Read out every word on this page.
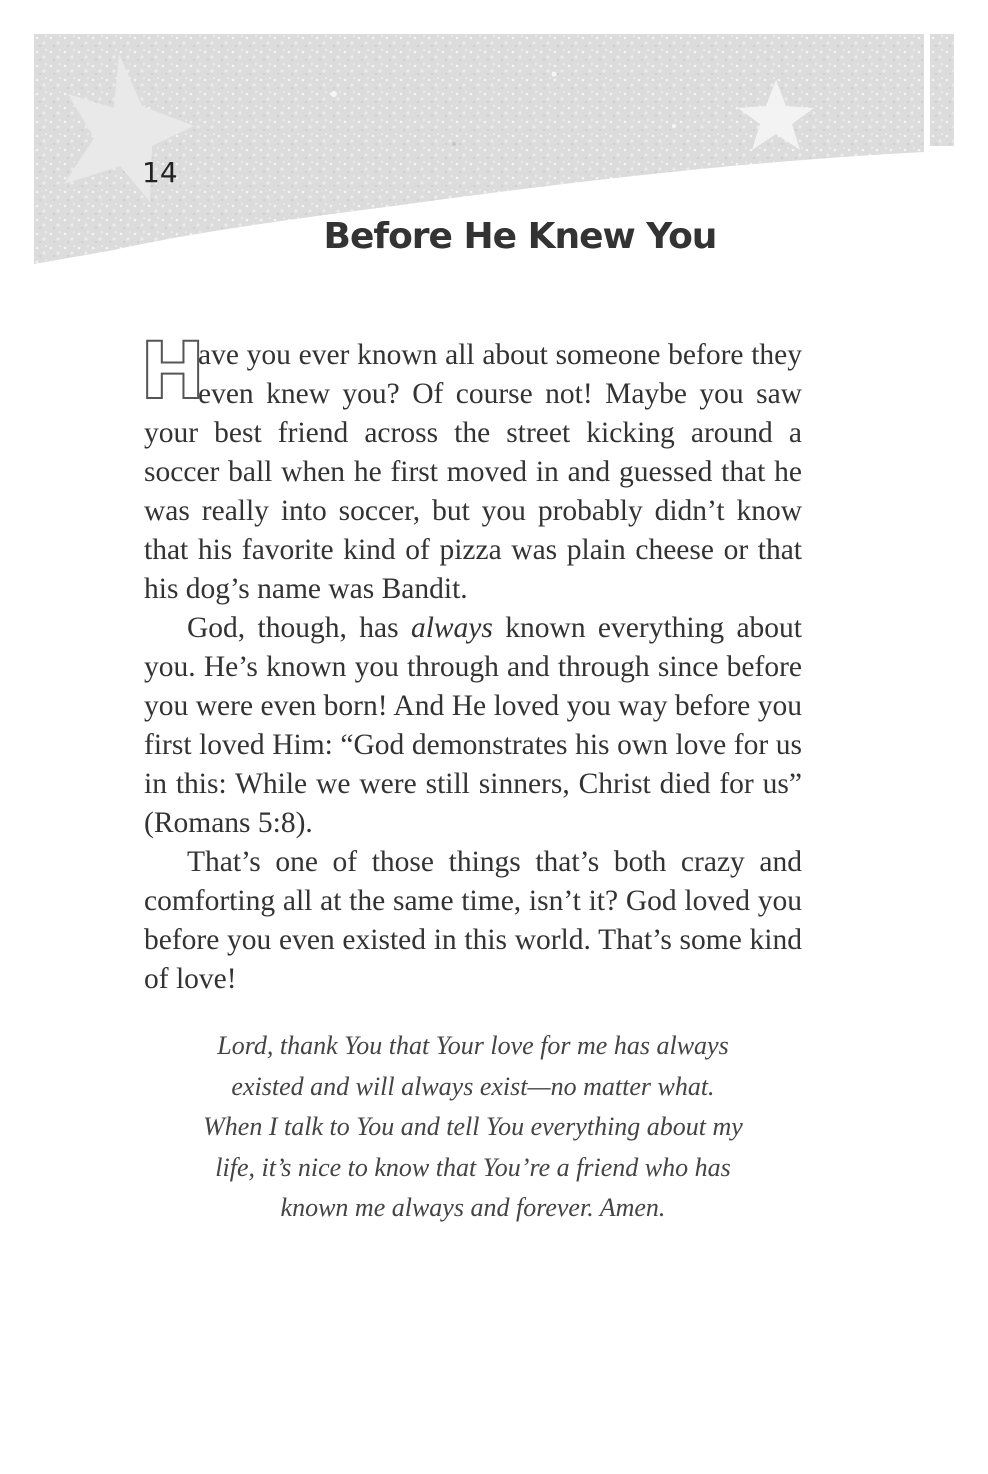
14
Before He Knew You

H
ave you ever known all about someone before they even knew you? Of course not! Maybe you saw your best friend across the street kicking around a soccer ball when he first moved in and guessed that he was really into soccer, but you probably didn’t know that his favorite kind of pizza was plain cheese or that his dog’s name was Bandit.

God, though, has always known everything about you. He’s known you through and through since before you were even born! And He loved you way before you first loved Him: “God demonstrates his own love for us in this: While we were still sinners, Christ died for us” (Romans 5:8).

That’s one of those things that’s both crazy and comforting all at the same time, isn’t it? God loved you before you even existed in this world. That’s some kind of love!

Lord, thank You that Your love for me has always
existed and will always exist—no matter what.
When I talk to You and tell You everything about my
life, it’s nice to know that You’re a friend who has
known me always and forever. Amen.
